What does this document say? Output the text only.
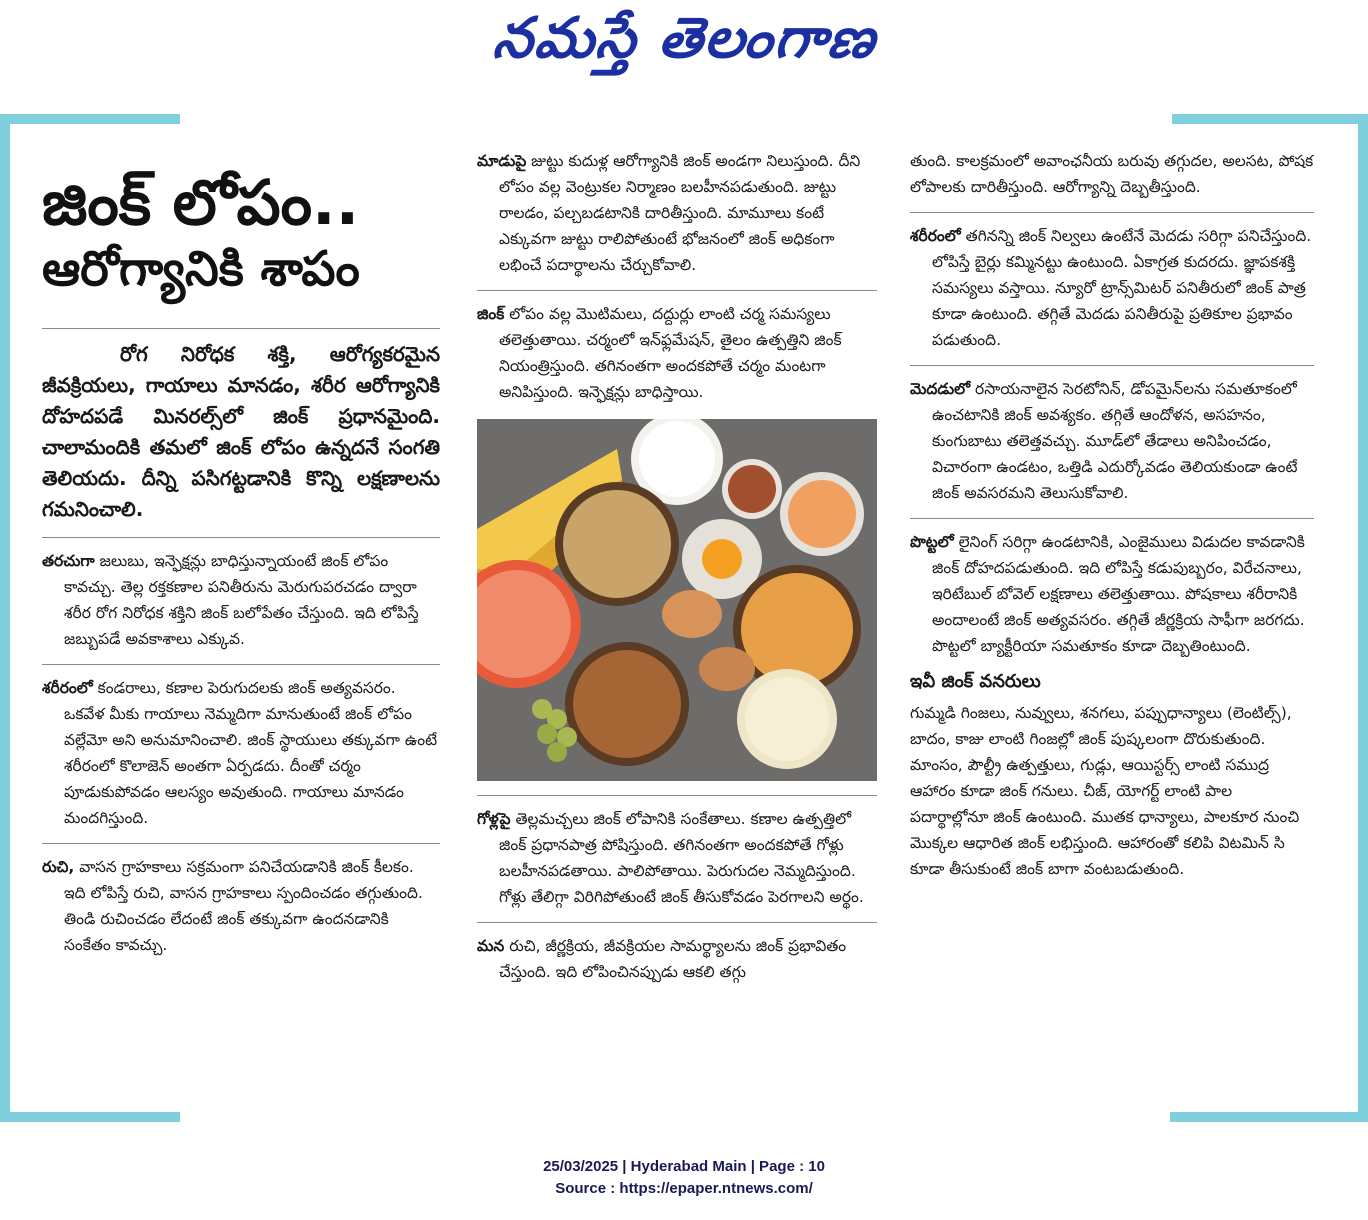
నమస్తే తెలంగాణ
జింక్ లోపం..
ఆరోగ్యానికి శాపం

రోగ నిరోధక శక్తి, ఆరోగ్యకరమైన జీవక్రియలు, గాయాలు మానడం, శరీర ఆరోగ్యానికి దోహదపడే మినరల్స్‌లో జింక్ ప్రధానమైంది. చాలామందికి తమలో జింక్ లోపం ఉన్నదనే సంగతి తెలియదు. దీన్ని పసిగట్టడానికి కొన్ని లక్షణాలను గమనించాలి.

తరచుగా జలుబు, ఇన్ఫెక్షన్లు బాధిస్తున్నాయంటే జింక్ లోపం కావచ్చు. తెల్ల రక్తకణాల పనితీరును మెరుగుపరచడం ద్వారా శరీర రోగ నిరోధక శక్తిని జింక్ బలోపేతం చేస్తుంది. ఇది లోపిస్తే జబ్బుపడే అవకాశాలు ఎక్కువ.

శరీరంలో కండరాలు, కణాల పెరుగుదలకు జింక్ అత్యవసరం. ఒకవేళ మీకు గాయాలు నెమ్మదిగా మానుతుంటే జింక్ లోపం వల్లేమో అని అనుమానించాలి. జింక్ స్థాయులు తక్కువగా ఉంటే శరీరంలో కొలాజెన్ అంతగా ఏర్పడదు. దీంతో చర్మం పూడుకుపోవడం ఆలస్యం అవుతుంది. గాయాలు మానడం మందగిస్తుంది.

రుచి, వాసన గ్రాహకాలు సక్రమంగా పనిచేయడానికి జింక్ కీలకం. ఇది లోపిస్తే రుచి, వాసన గ్రాహకాలు స్పందించడం తగ్గుతుంది. తిండి రుచించడం లేదంటే జింక్ తక్కువగా ఉందనడానికి సంకేతం కావచ్చు.

మాడుపై జుట్టు కుదుళ్ల ఆరోగ్యానికి జింక్ అండగా నిలుస్తుంది. దీని లోపం వల్ల వెంట్రుకల నిర్మాణం బలహీనపడుతుంది. జుట్టు రాలడం, పల్చబడటానికి దారితీస్తుంది. మామూలు కంటే ఎక్కువగా జుట్టు రాలిపోతుంటే భోజనంలో జింక్ అధికంగా లభించే పదార్థాలను చేర్చుకోవాలి.

జింక్ లోపం వల్ల మొటిమలు, దద్దుర్లు లాంటి చర్మ సమస్యలు తలెత్తుతాయి. చర్మంలో ఇన్‌ఫ్లమేషన్, తైలం ఉత్పత్తిని జింక్ నియంత్రిస్తుంది. తగినంతగా అందకపోతే చర్మం మంటగా అనిపిస్తుంది. ఇన్ఫెక్షన్లు బాధిస్తాయి.

గోళ్లపై తెల్లమచ్చలు జింక్ లోపానికి సంకేతాలు. కణాల ఉత్పత్తిలో జింక్ ప్రధానపాత్ర పోషిస్తుంది. తగినంతగా అందకపోతే గోళ్లు బలహీనపడతాయి. పాలిపోతాయి. పెరుగుదల నెమ్మదిస్తుంది. గోళ్లు తేలిగ్గా విరిగిపోతుంటే జింక్ తీసుకోవడం పెరగాలని అర్థం.

మన రుచి, జీర్ణక్రియ, జీవక్రియల సామర్థ్యాలను జింక్ ప్రభావితం చేస్తుంది. ఇది లోపించినప్పుడు ఆకలి తగ్గు

తుంది. కాలక్రమంలో అవాంఛనీయ బరువు తగ్గుదల, అలసట, పోషక లోపాలకు దారితీస్తుంది. ఆరోగ్యాన్ని దెబ్బతీస్తుంది.

శరీరంలో తగినన్ని జింక్ నిల్వలు ఉంటేనే మెదడు సరిగ్గా పనిచేస్తుంది. లోపిస్తే బైర్లు కమ్మినట్టు ఉంటుంది. ఏకాగ్రత కుదరదు. జ్ఞాపకశక్తి సమస్యలు వస్తాయి. న్యూరో ట్రాన్స్‌మిటర్ పనితీరులో జింక్ పాత్ర కూడా ఉంటుంది. తగ్గితే మెదడు పనితీరుపై ప్రతికూల ప్రభావం పడుతుంది.

మెదడులో రసాయనాలైన సెరటోనిన్, డోపమైన్‌లను సమతూకంలో ఉంచటానికి జింక్ అవశ్యకం. తగ్గితే ఆందోళన, అసహనం, కుంగుబాటు తలెత్తవచ్చు. మూడ్‌లో తేడాలు అనిపించడం, విచారంగా ఉండటం, ఒత్తిడి ఎదుర్కోవడం తెలియకుండా ఉంటే జింక్ అవసరమని తెలుసుకోవాలి.

పొట్టలో లైనింగ్ సరిగ్గా ఉండటానికి, ఎంజైములు విడుదల కావడానికి జింక్ దోహదపడుతుంది. ఇది లోపిస్తే కడుపుబ్బరం, విరేచనాలు, ఇరిటేబుల్ బోవెల్ లక్షణాలు తలెత్తుతాయి. పోషకాలు శరీరానికి అందాలంటే జింక్ అత్యవసరం. తగ్గితే జీర్ణక్రియ సాఫీగా జరగదు. పొట్టలో బ్యాక్టీరియా సమతూకం కూడా దెబ్బతింటుంది.

ఇవీ జింక్ వనరులు

గుమ్మడి గింజలు, నువ్వులు, శనగలు, పప్పుధాన్యాలు (లెంటిల్స్), బాదం, కాజు లాంటి గింజల్లో జింక్ పుష్కలంగా దొరుకుతుంది. మాంసం, పౌల్ట్రీ ఉత్పత్తులు, గుడ్లు, ఆయిస్టర్స్ లాంటి సముద్ర ఆహారం కూడా జింక్ గనులు. చీజ్, యోగర్ట్ లాంటి పాల పదార్థాల్లోనూ జింక్ ఉంటుంది. ముతక ధాన్యాలు, పాలకూర నుంచి మొక్కల ఆధారిత జింక్ లభిస్తుంది. ఆహారంతో కలిపి విటమిన్ సి కూడా తీసుకుంటే జింక్ బాగా వంటబడుతుంది.

25/03/2025 | Hyderabad Main | Page : 10
Source : https://epaper.ntnews.com/
